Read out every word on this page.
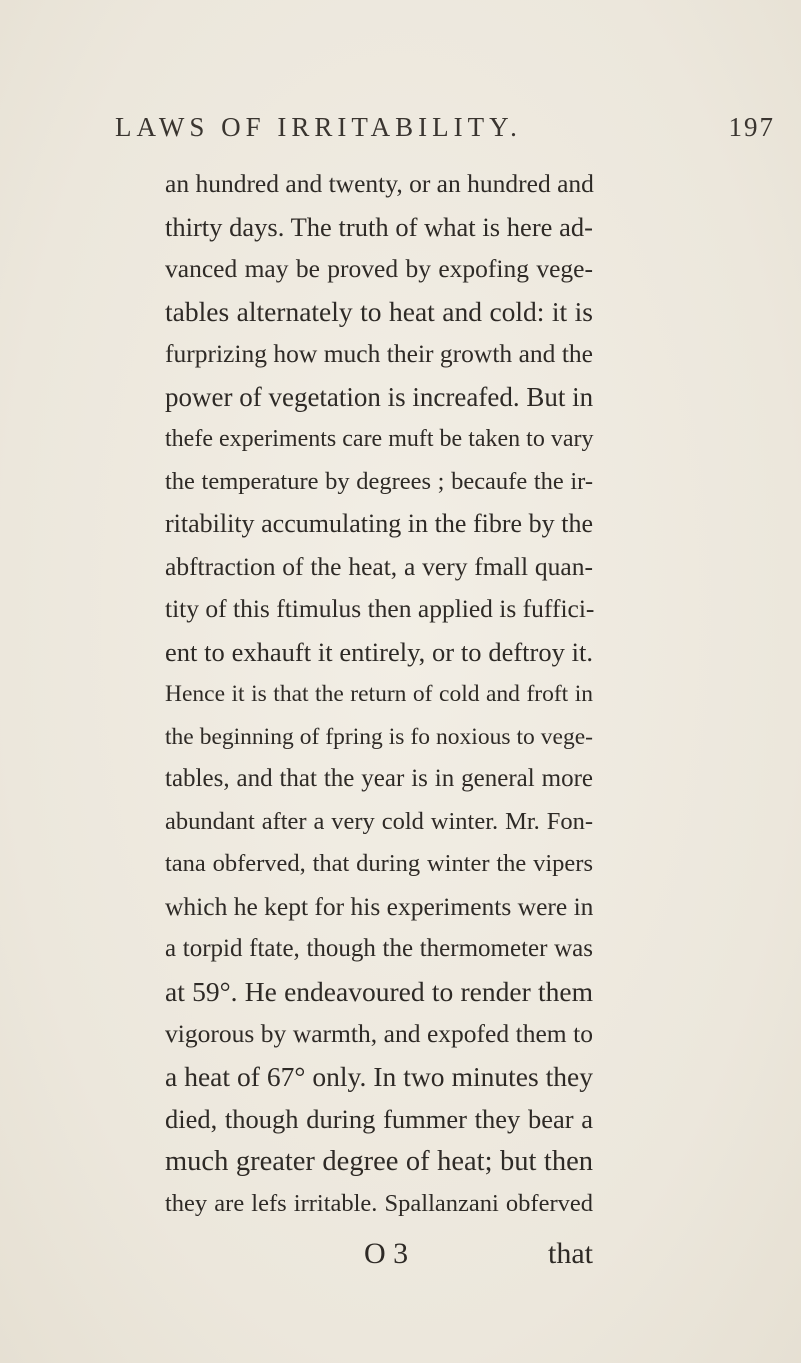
LAWS OF IRRITABILITY.	197
an hundred and twenty, or an hundred and
thirty days. The truth of what is here ad-
vanced may be proved by expofing vege-
tables alternately to heat and cold: it is
furprizing how much their growth and the
power of vegetation is increafed. But in
thefe experiments care muft be taken to vary
the temperature by degrees ; becaufe the ir-
ritability accumulating in the fibre by the
abftraction of the heat, a very fmall quan-
tity of this ftimulus then applied is fuffici-
ent to exhauft it entirely, or to deftroy it.
Hence it is that the return of cold and froft in
the beginning of fpring is fo noxious to vege-
tables, and that the year is in general more
abundant after a very cold winter. Mr. Fon-
tana obferved, that during winter the vipers
which he kept for his experiments were in
a torpid ftate, though the thermometer was
at 59°. He endeavoured to render them
vigorous by warmth, and expofed them to
a heat of 67° only. In two minutes they
died, though during fummer they bear a
much greater degree of heat; but then
they are lefs irritable. Spallanzani obferved
O 3	that
